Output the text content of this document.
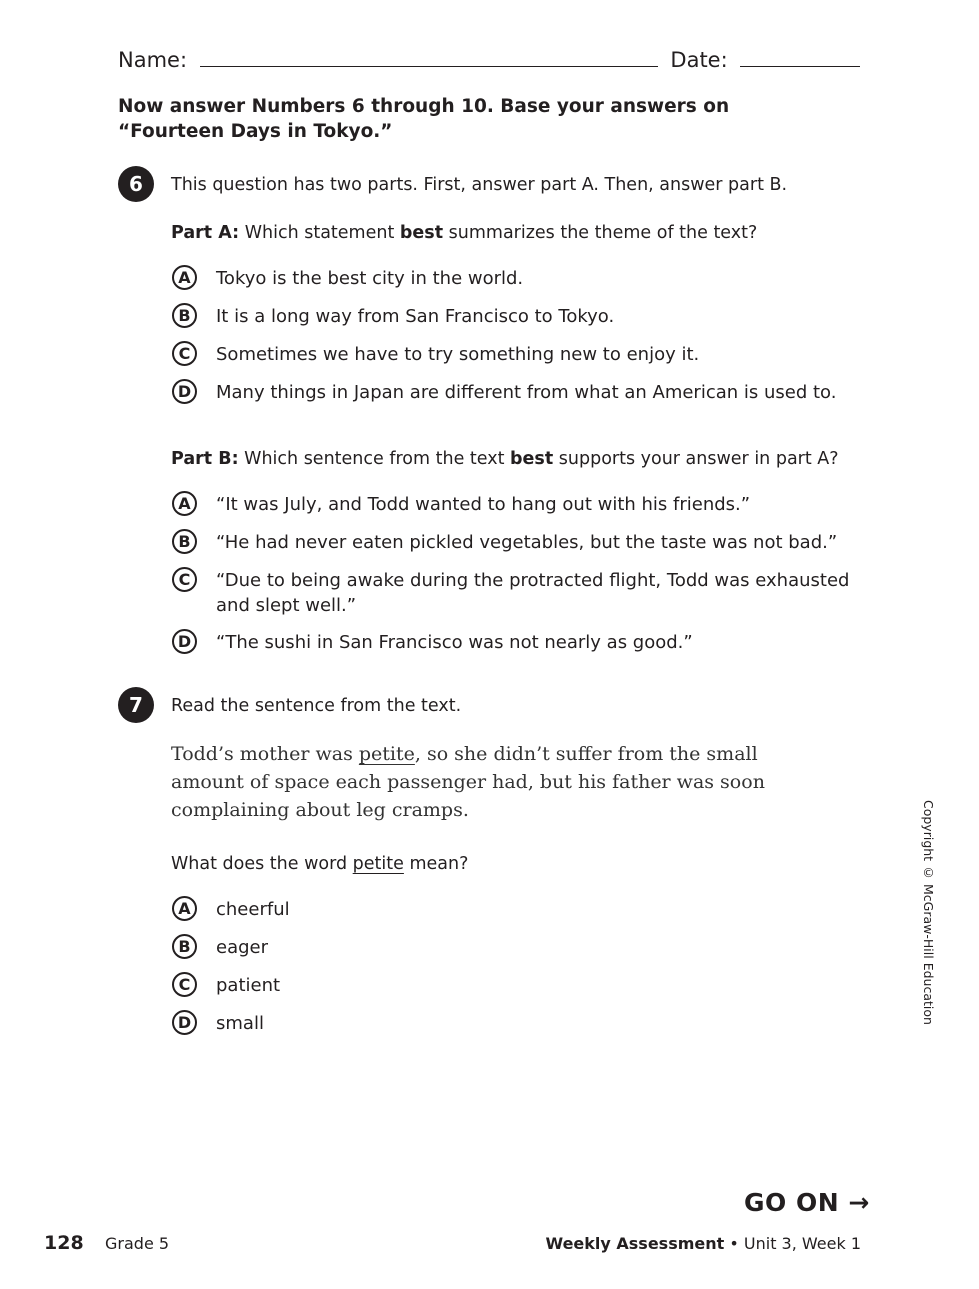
Name:	Date:
Now answer Numbers 6 through 10. Base your answers on “Fourteen Days in Tokyo.”
6	This question has two parts. First, answer part A. Then, answer part B.
Part A: Which statement best summarizes the theme of the text?
A	Tokyo is the best city in the world.
B	It is a long way from San Francisco to Tokyo.
C	Sometimes we have to try something new to enjoy it.
D	Many things in Japan are different from what an American is used to.
Part B: Which sentence from the text best supports your answer in part A?
A	“It was July, and Todd wanted to hang out with his friends.”
B	“He had never eaten pickled vegetables, but the taste was not bad.”
C	“Due to being awake during the protracted flight, Todd was exhausted and slept well.”
D	“The sushi in San Francisco was not nearly as good.”
7	Read the sentence from the text.
Todd’s mother was petite, so she didn’t suffer from the small amount of space each passenger had, but his father was soon complaining about leg cramps.
What does the word petite mean?
A	cheerful
B	eager
C	patient
D	small	Copyright © McGraw-Hill Education
GO ON →
128 Grade 5	Weekly Assessment • Unit 3, Week 1
